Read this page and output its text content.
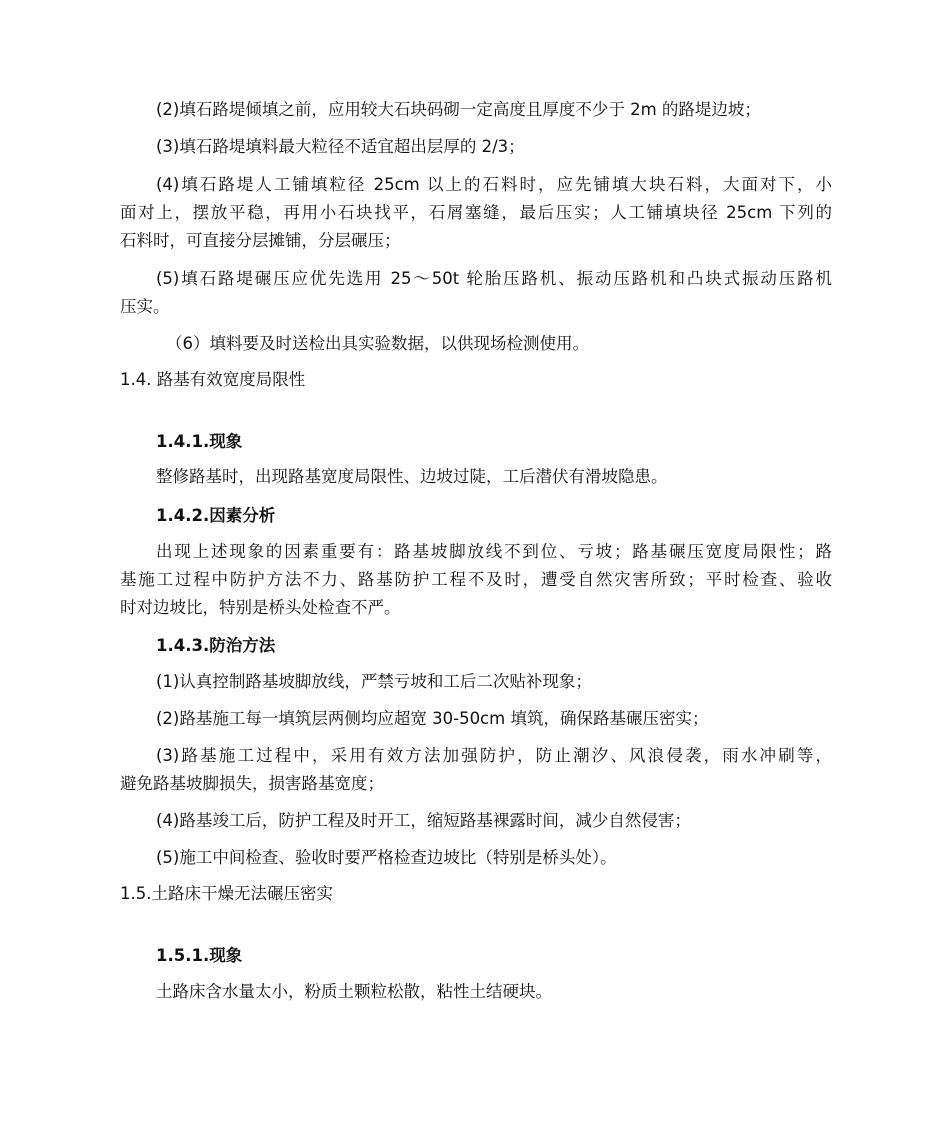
(2)填石路堤倾填之前，应用较大石块码砌一定高度且厚度不少于 2m 的路堤边坡；
(3)填石路堤填料最大粒径不适宜超出层厚的 2/3；
(4)填石路堤人工铺填粒径 25cm 以上的石料时，应先铺填大块石料，大面对下，小
面对上，摆放平稳，再用小石块找平，石屑塞缝，最后压实；人工铺填块径 25cm 下列的
石料时，可直接分层摊铺，分层碾压；
(5)填石路堤碾压应优先选用 25～50t 轮胎压路机、振动压路机和凸块式振动压路机
压实。
（6）填料要及时送检出具实验数据，以供现场检测使用。
1.4. 路基有效宽度局限性
1.4.1.现象
整修路基时，出现路基宽度局限性、边坡过陡，工后潜伏有滑坡隐患。
1.4.2.因素分析
出现上述现象的因素重要有：路基坡脚放线不到位、亏坡；路基碾压宽度局限性；路
基施工过程中防护方法不力、路基防护工程不及时，遭受自然灾害所致；平时检查、验收
时对边坡比，特别是桥头处检查不严。
1.4.3.防治方法
(1)认真控制路基坡脚放线，严禁亏坡和工后二次贴补现象；
(2)路基施工每一填筑层两侧均应超宽 30-50cm 填筑，确保路基碾压密实；
(3)路基施工过程中，采用有效方法加强防护，防止潮汐、风浪侵袭，雨水冲刷等，
避免路基坡脚损失，损害路基宽度；
(4)路基竣工后，防护工程及时开工，缩短路基裸露时间，减少自然侵害；
(5)施工中间检查、验收时要严格检查边坡比（特别是桥头处）。
1.5.土路床干燥无法碾压密实
1.5.1.现象
土路床含水量太小，粉质土颗粒松散，粘性土结硬块。
